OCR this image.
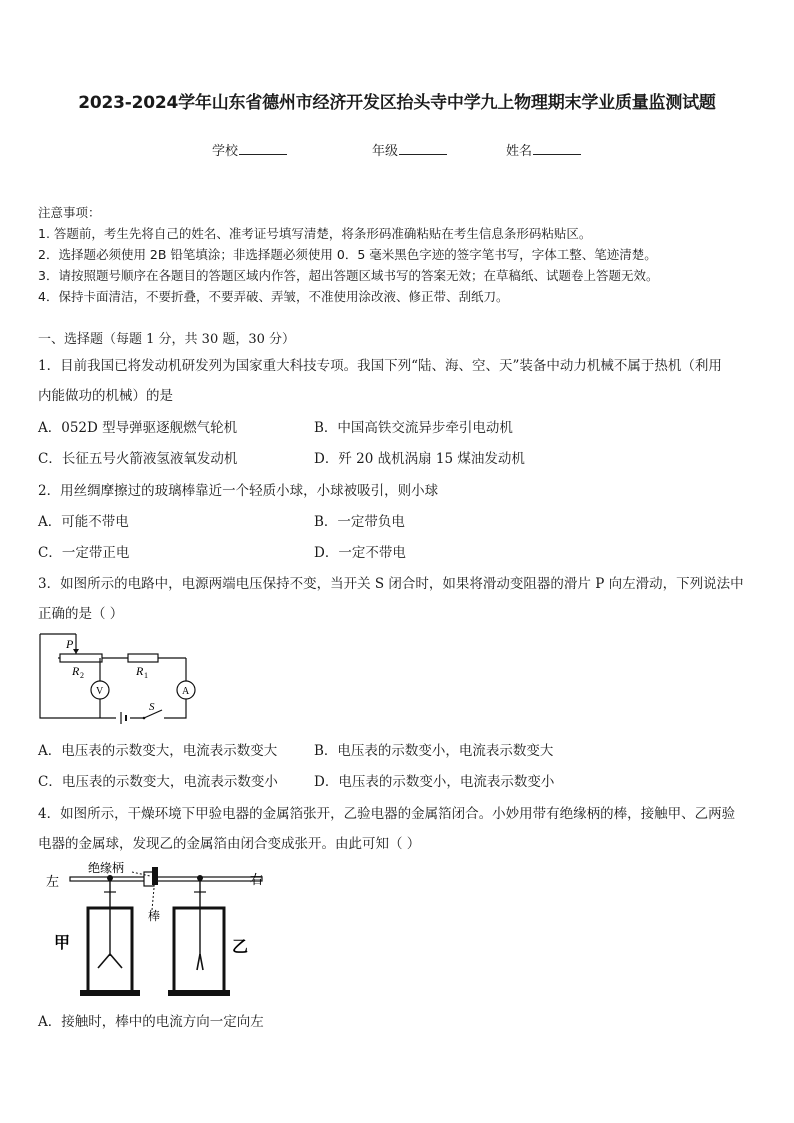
2023-2024学年山东省德州市经济开发区抬头寺中学九上物理期末学业质量监测试题
学校	年级	姓名
注意事项：
1. 答题前，考生先将自己的姓名、准考证号填写清楚，将条形码准确粘贴在考生信息条形码粘贴区。
2．选择题必须使用 2B 铅笔填涂；非选择题必须使用 0．5 毫米黑色字迹的签字笔书写，字体工整、笔迹清楚。
3．请按照题号顺序在各题目的答题区域内作答，超出答题区域书写的答案无效；在草稿纸、试题卷上答题无效。
4．保持卡面清洁，不要折叠，不要弄破、弄皱，不准使用涂改液、修正带、刮纸刀。
一、选择题（每题 1 分，共 30 题，30 分）
1．目前我国已将发动机研发列为国家重大科技专项。我国下列“陆、海、空、天”装备中动力机械不属于热机（利用
内能做功的机械）的是
A．052D 型导弹驱逐舰燃气轮机	B．中国高铁交流异步牵引电动机
C．长征五号火箭液氢液氧发动机	D．歼 20 战机涡扇 15 煤油发动机
2．用丝绸摩擦过的玻璃棒靠近一个轻质小球，小球被吸引，则小球
A．可能不带电	B．一定带负电
C．一定带正电	D．一定不带电
3．如图所示的电路中，电源两端电压保持不变，当开关 S 闭合时，如果将滑动变阻器的滑片 P 向左滑动，下列说法中
正确的是（ ）
P
R 2	R 1
V	A
S
A．电压表的示数变大，电流表示数变大	B．电压表的示数变小，电流表示数变大
C．电压表的示数变大，电流表示数变小	D．电压表的示数变小，电流表示数变小
4．如图所示，干燥环境下甲验电器的金属箔张开，乙验电器的金属箔闭合。小妙用带有绝缘柄的棒，接触甲、乙两验
电器的金属球，发现乙的金属箔由闭合变成张开。由此可知（ ）
绝缘柄
左	右
棒
甲	乙
A．接触时，棒中的电流方向一定向左
